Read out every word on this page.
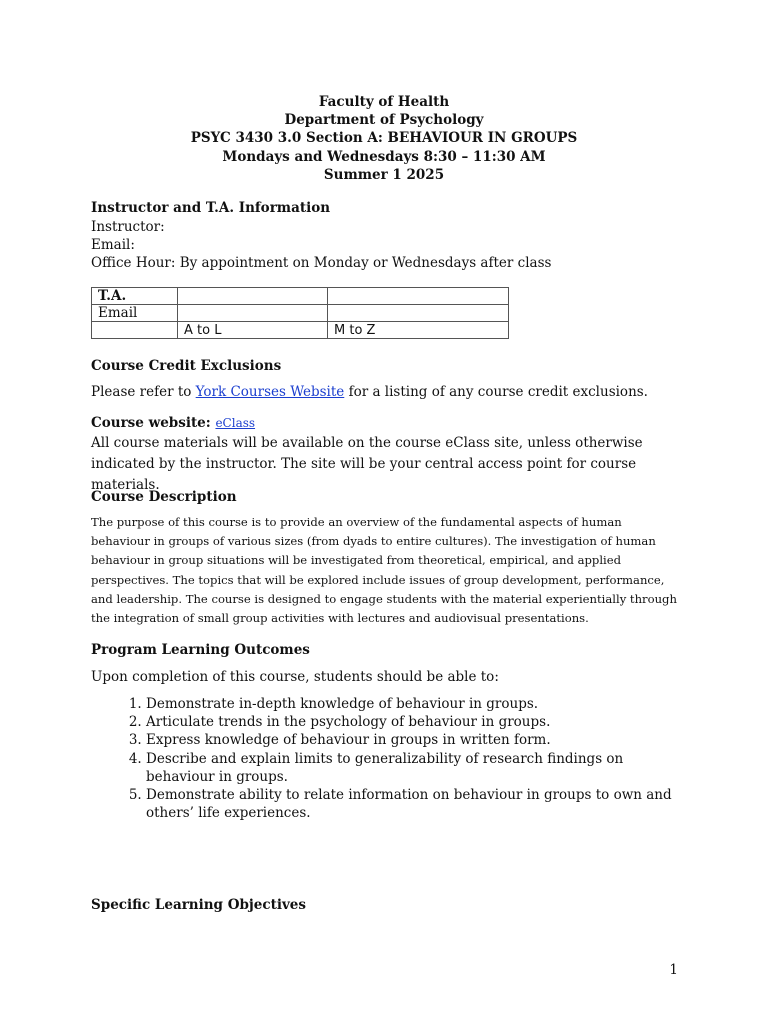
Faculty of Health
Department of Psychology
PSYC 3430 3.0 Section A: BEHAVIOUR IN GROUPS
Mondays and Wednesdays 8:30 – 11:30 AM
Summer 1 2025
Instructor and T.A. Information
Instructor:
Email:
Office Hour: By appointment on Monday or Wednesdays after class
T.A.		
Email		
	A to L	M to Z
Course Credit Exclusions
Please refer to York Courses Website for a listing of any course credit exclusions.
Course website: eClass
All course materials will be available on the course eClass site, unless otherwise indicated by the instructor. The site will be your central access point for course materials.
Course Description
The purpose of this course is to provide an overview of the fundamental aspects of human behaviour in groups of various sizes (from dyads to entire cultures). The investigation of human behaviour in group situations will be investigated from theoretical, empirical, and applied perspectives. The topics that will be explored include issues of group development, performance, and leadership. The course is designed to engage students with the material experientially through the integration of small group activities with lectures and audiovisual presentations.
Program Learning Outcomes
Upon completion of this course, students should be able to:
1. Demonstrate in-depth knowledge of behaviour in groups.
2. Articulate trends in the psychology of behaviour in groups.
3. Express knowledge of behaviour in groups in written form.
4. Describe and explain limits to generalizability of research findings on behaviour in groups.
5. Demonstrate ability to relate information on behaviour in groups to own and others’ life experiences.
Specific Learning Objectives
1
